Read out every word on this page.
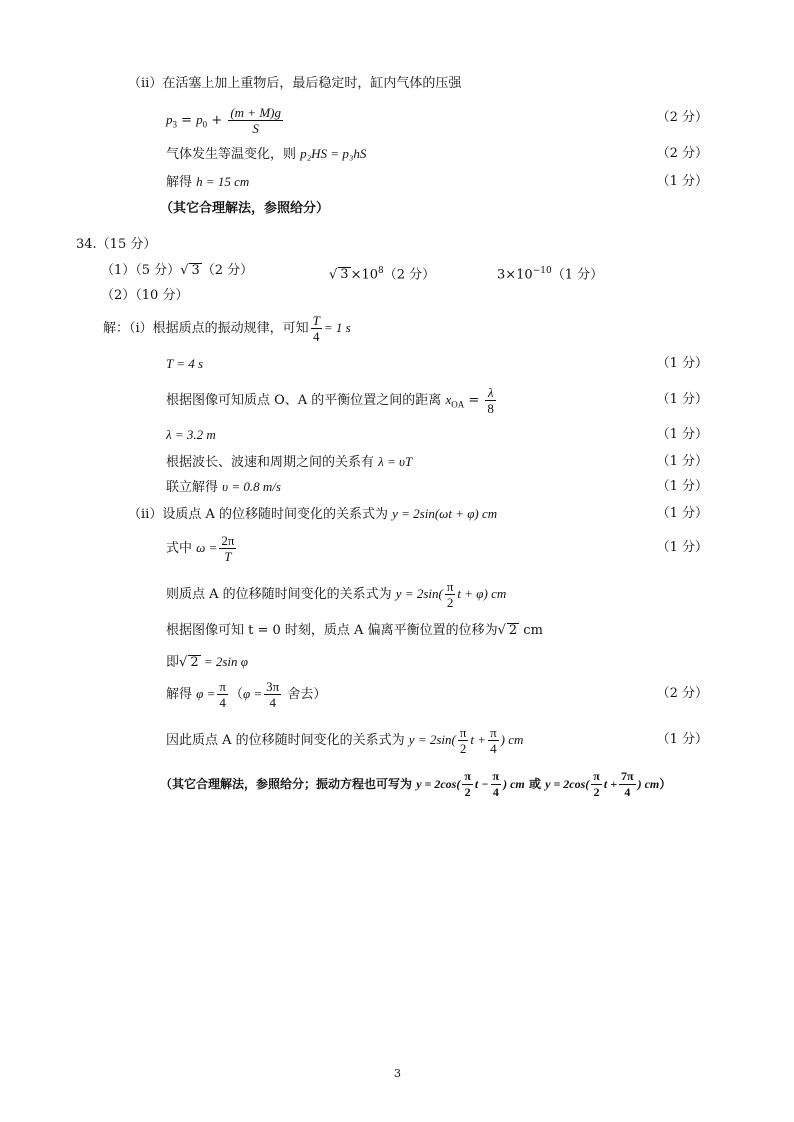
（ⅱ）在活塞上加上重物后，最后稳定时，缸内气体的压强
$p_3 = p_0 + \frac{(m + M)g}{S}$	（2 分）
气体发生等温变化，则 p₂HS = p₃hS	（2 分）
解得 h = 15 cm	（1 分）
（其它合理解法，参照给分）
34.（15 分）
（1）（5 分）√ 3 （2 分）	√ $3 \times 10^8(2$ 分）	$3\times 10^{-10}(1$ 分）
（2）（10 分）
解：（ⅰ）根据质点的振动规律，可知 $\frac{T}{4} = 1$ s
T = 4 s	（1 分）
根据图像可知质点 O、A 的平衡位置之间的距离 $x_{OA} = \frac{\lambda}{8}$	（1 分）
λ = 3.2 m	（1 分）
根据波长、波速和周期之间的关系有 λ = υT	（1 分）
联立解得 υ = 0.8 m/s	（1 分）
（ⅱ）设质点 A 的位移随时间变化的关系式为 y = 2sin(ωt + φ) cm	（1 分）
式中 $\omega = \frac{2\pi}{T}$	（1 分）
则质点 A 的位移随时间变化的关系式为 $y = 2\sin( \frac{\pi}{2}$ t + φ) cm
根据图像可知 t = 0 时刻，质点 A 偏离平衡位置的位移为√ 2 cm
即√ 2 = 2sin φ
解得 $\varphi = \frac{\pi}{4} (\varphi = \frac{3\pi}{4}$ 舍去）	（2 分）
因此质点 A 的位移随时间变化的关系式为 $y = 2\sin( \frac{\pi}{2}$ $t + \frac{\pi}{4}$ ) cm	（1 分）
（其它合理解法，参照给分；振动方程也可写为 $y = 2\cos( \frac{\pi}{2}$ $t - \frac{\pi}{4}$ ) cm 或 $y = 2\cos( \frac{\pi}{2}$ $t + \frac{7\pi}{4}$ ) cm）
3
